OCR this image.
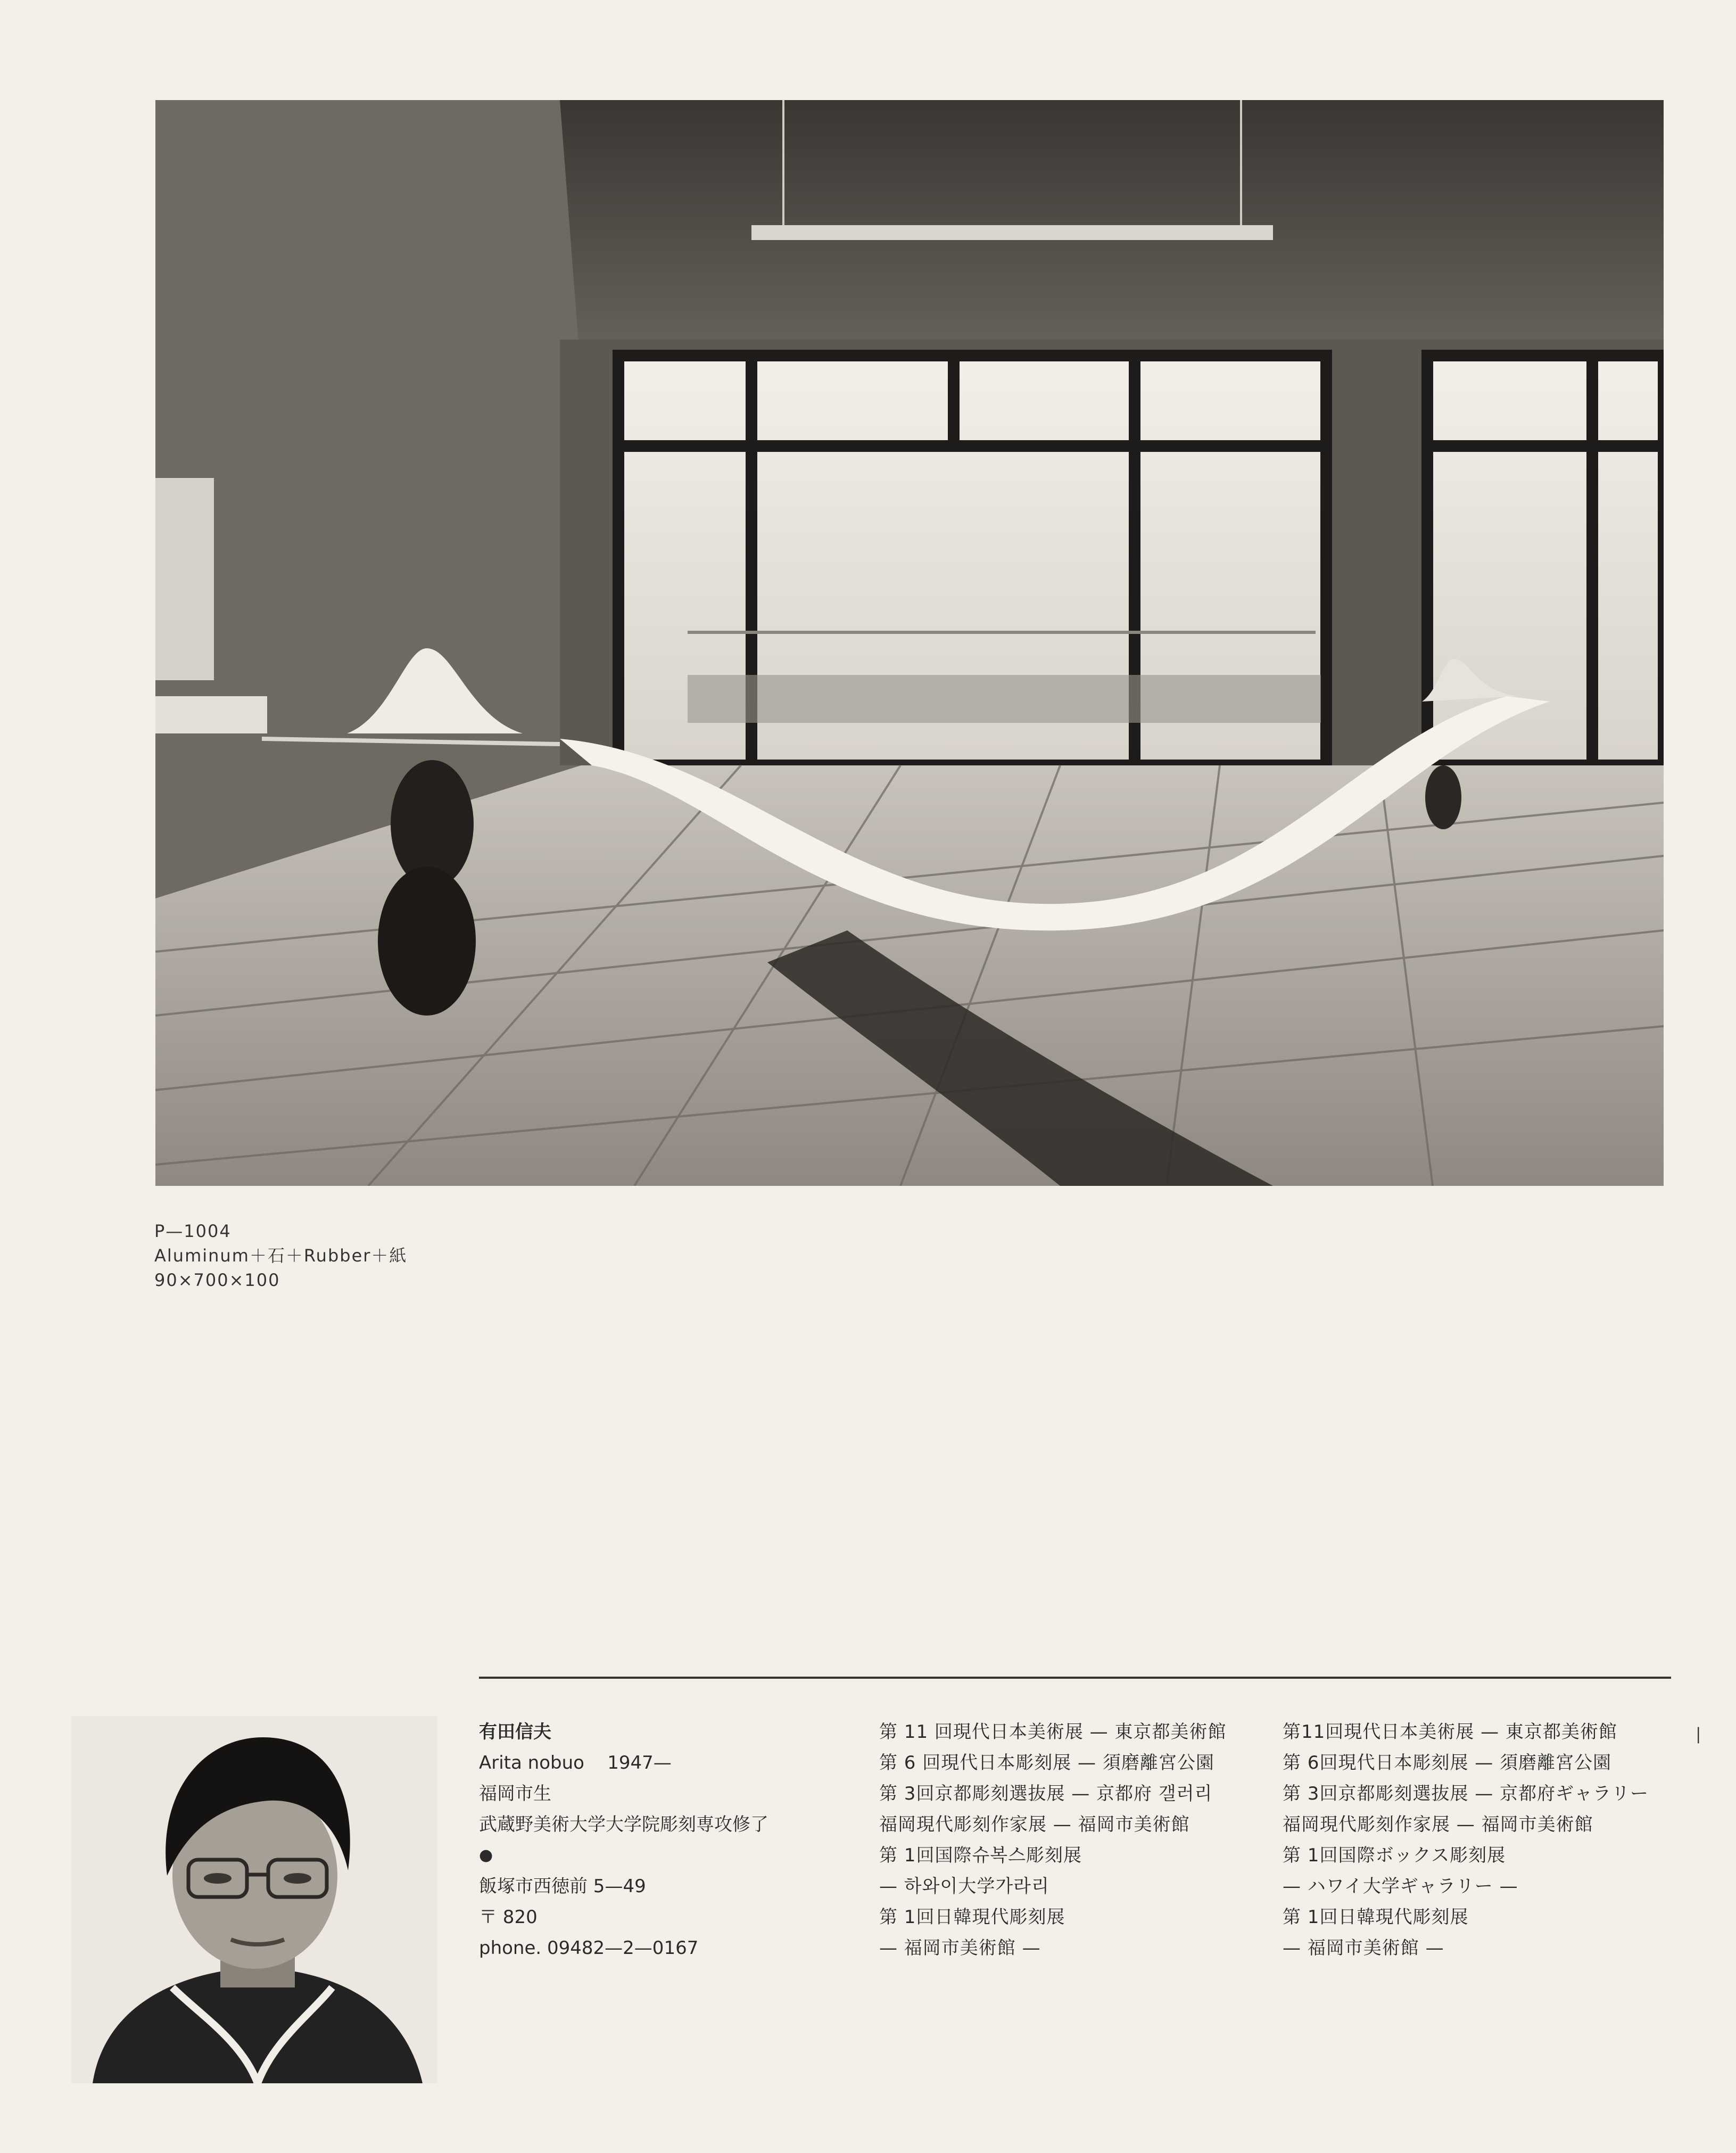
P—1004
Aluminum＋石＋Rubber＋紙
90×700×100
有田信夫
Arita nobuo 1947—
福岡市生
武蔵野美術大学大学院彫刻専攻修了
●
飯塚市西徳前 5—49
〒 820
phone. 09482—2—0167
第 11 回現代日本美術展 — 東京都美術館
第 6 回現代日本彫刻展 — 須磨離宮公園
第 3回京都彫刻選抜展 — 京都府 갤러리
福岡現代彫刻作家展 — 福岡市美術館
第 1回国際슈복스彫刻展
— 하와이大学가라리
第 1回日韓現代彫刻展
— 福岡市美術館 —
第11回現代日本美術展 — 東京都美術館
第 6回現代日本彫刻展 — 須磨離宮公園
第 3回京都彫刻選抜展 — 京都府ギャラリー
福岡現代彫刻作家展 — 福岡市美術館
第 1回国際ボックス彫刻展
— ハワイ大学ギャラリー —
第 1回日韓現代彫刻展
— 福岡市美術館 —
—
